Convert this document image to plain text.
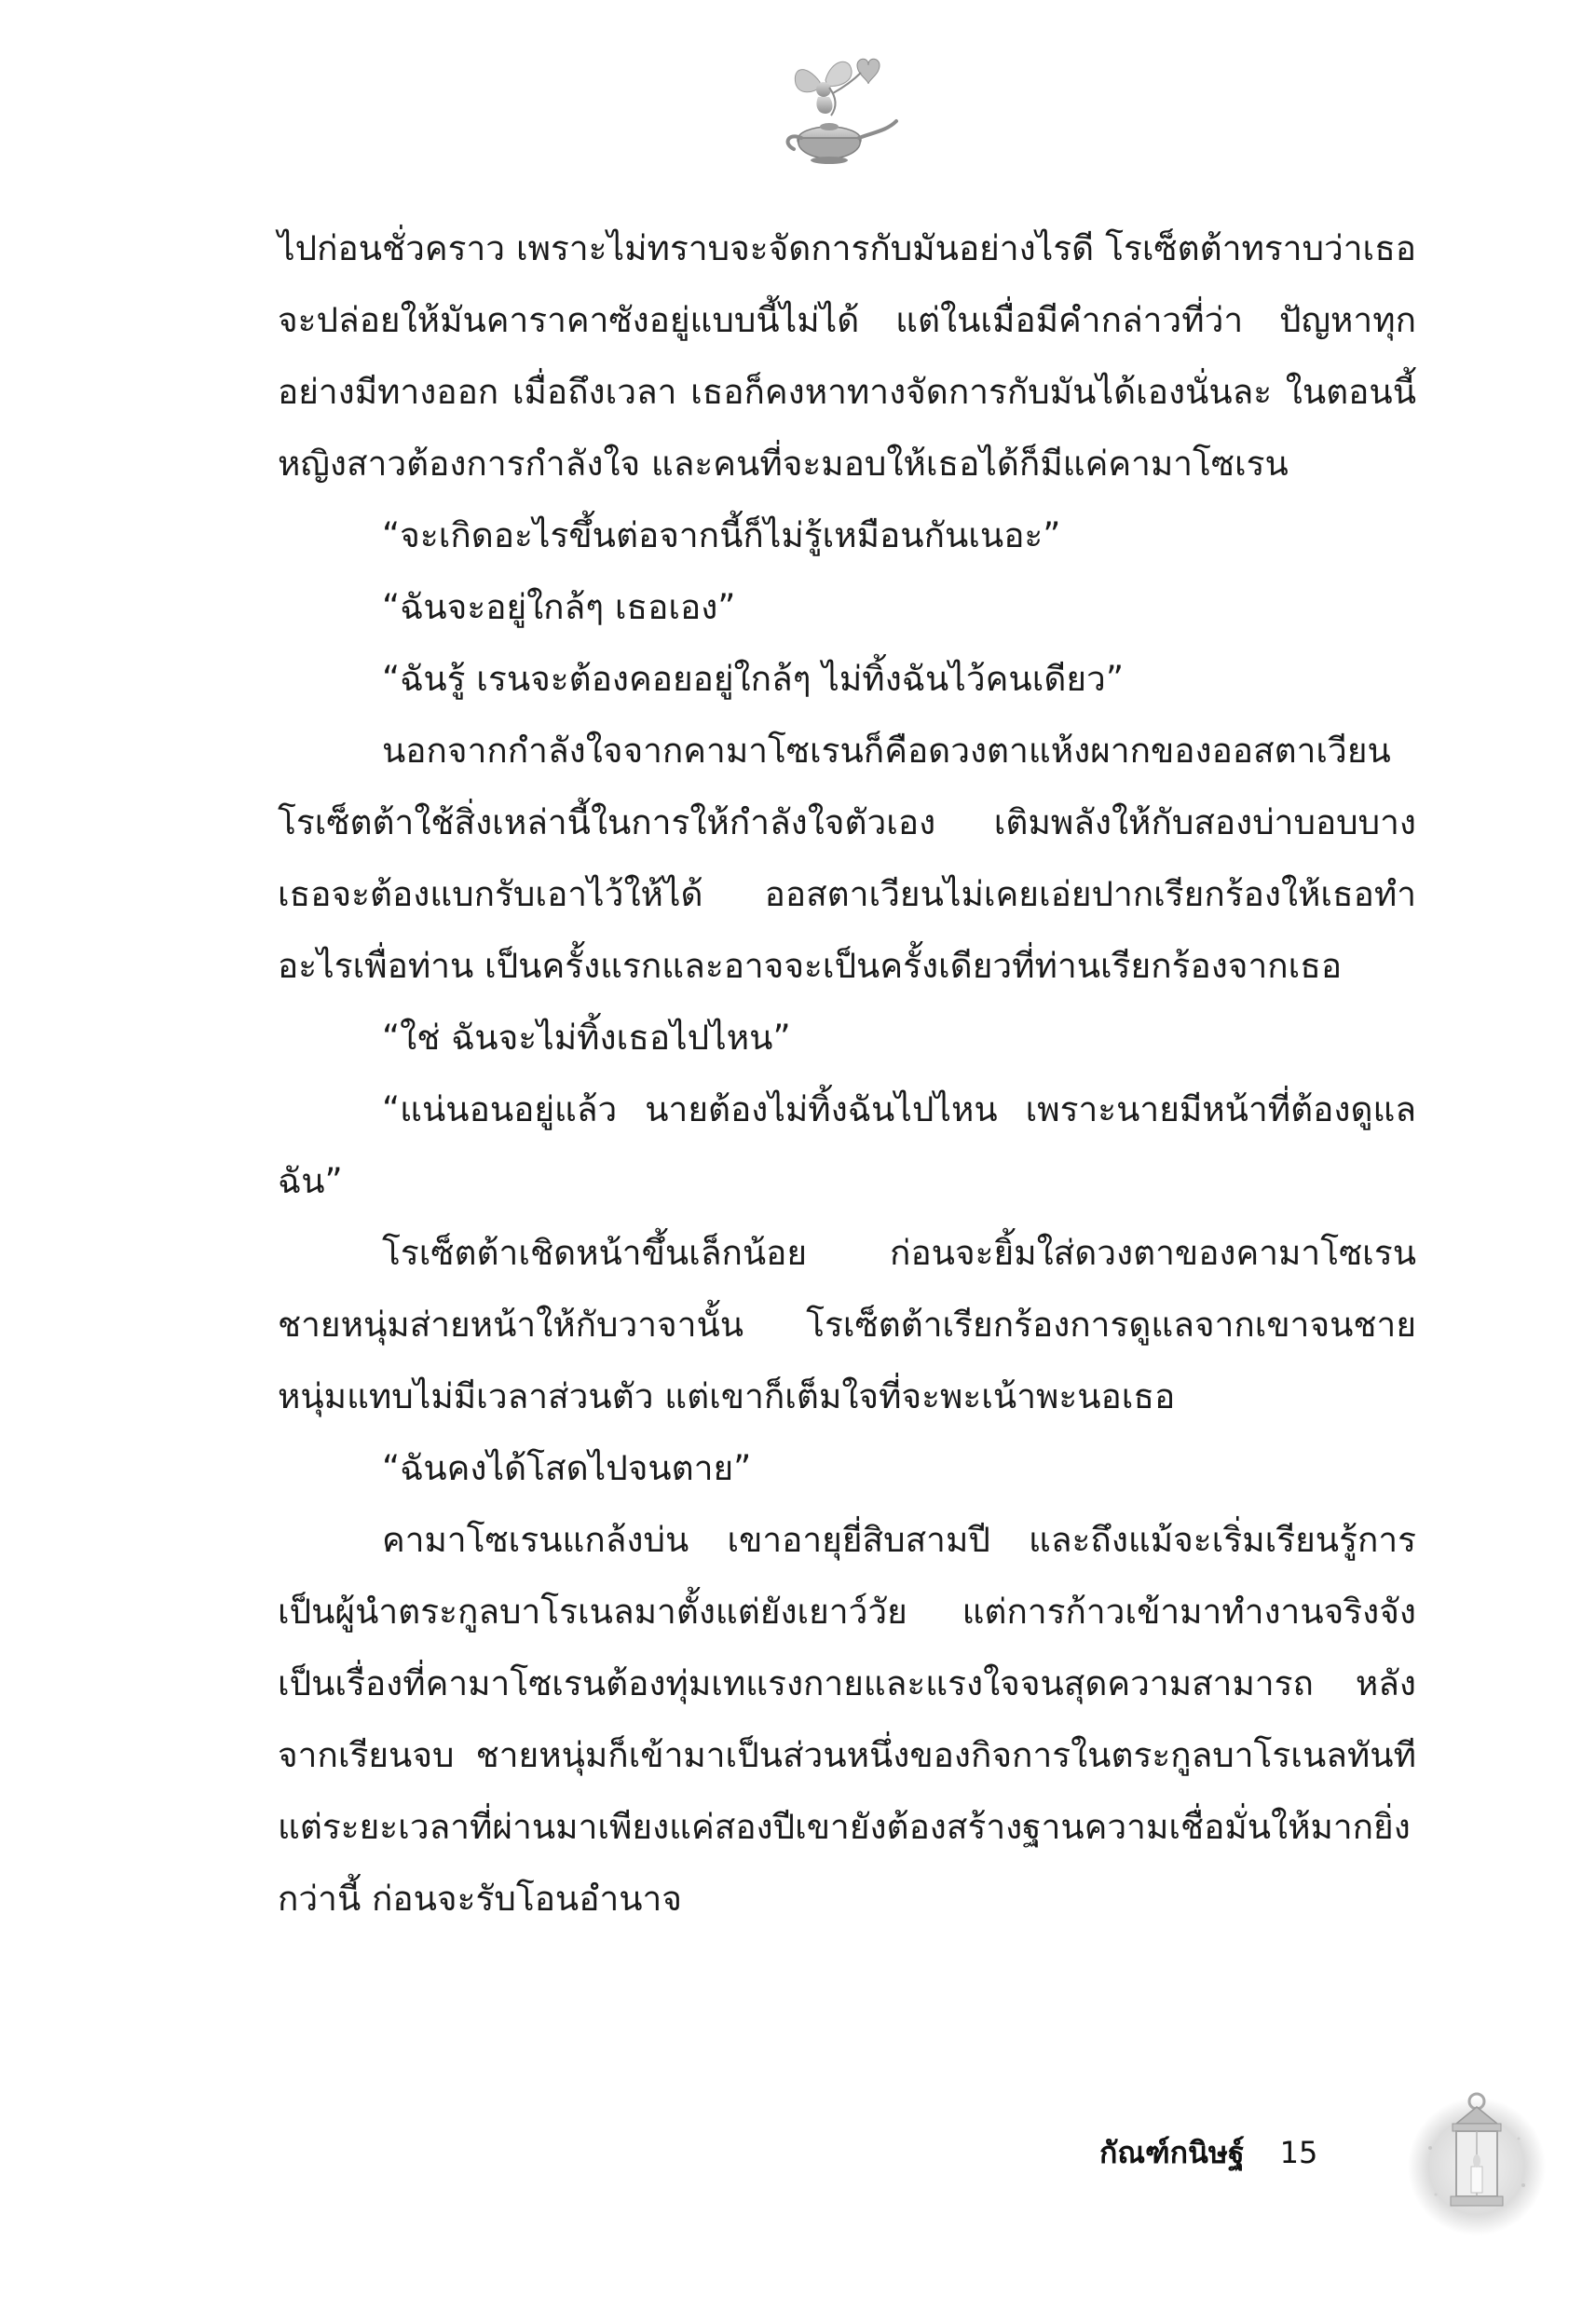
ไปก่อนชั่วคราว เพราะไม่ทราบจะจัดการกับมันอย่างไรดี โรเซ็ตต้าทราบว่าเธอจะปล่อยให้มันคาราคาซังอยู่แบบนี้ไม่ได้ แต่ในเมื่อมีคำกล่าวที่ว่า ปัญหาทุกอย่างมีทางออก เมื่อถึงเวลา เธอก็คงหาทางจัดการกับมันได้เองนั่นละ ในตอนนี้หญิงสาวต้องการกำลังใจ และคนที่จะมอบให้เธอได้ก็มีแค่คามาโซเรน

“จะเกิดอะไรขึ้นต่อจากนี้ก็ไม่รู้เหมือนกันเนอะ”

“ฉันจะอยู่ใกล้ๆ เธอเอง”

“ฉันรู้ เรนจะต้องคอยอยู่ใกล้ๆ ไม่ทิ้งฉันไว้คนเดียว”

นอกจากกำลังใจจากคามาโซเรนก็คือดวงตาแห้งผากของออสตาเวียน โรเซ็ตต้าใช้สิ่งเหล่านี้ในการให้กำลังใจตัวเอง เติมพลังให้กับสองบ่าบอบบาง เธอจะต้องแบกรับเอาไว้ให้ได้ ออสตาเวียนไม่เคยเอ่ยปากเรียกร้องให้เธอทำอะไรเพื่อท่าน เป็นครั้งแรกและอาจจะเป็นครั้งเดียวที่ท่านเรียกร้องจากเธอ

“ใช่ ฉันจะไม่ทิ้งเธอไปไหน”

“แน่นอนอยู่แล้ว นายต้องไม่ทิ้งฉันไปไหน เพราะนายมีหน้าที่ต้องดูแลฉัน”

โรเซ็ตต้าเชิดหน้าขึ้นเล็กน้อย ก่อนจะยิ้มใส่ดวงตาของคามาโซเรน ชายหนุ่มส่ายหน้าให้กับวาจานั้น โรเซ็ตต้าเรียกร้องการดูแลจากเขาจนชายหนุ่มแทบไม่มีเวลาส่วนตัว แต่เขาก็เต็มใจที่จะพะเน้าพะนอเธอ

“ฉันคงได้โสดไปจนตาย”

คามาโซเรนแกล้งบ่น เขาอายุยี่สิบสามปี และถึงแม้จะเริ่มเรียนรู้การเป็นผู้นำตระกูลบาโรเนลมาตั้งแต่ยังเยาว์วัย แต่การก้าวเข้ามาทำงานจริงจังเป็นเรื่องที่คามาโซเรนต้องทุ่มเทแรงกายและแรงใจจนสุดความสามารถ หลังจากเรียนจบ ชายหนุ่มก็เข้ามาเป็นส่วนหนึ่งของกิจการในตระกูลบาโรเนลทันที แต่ระยะเวลาที่ผ่านมาเพียงแค่สองปีเขายังต้องสร้างฐานความเชื่อมั่นให้มากยิ่งกว่านี้ ก่อนจะรับโอนอำนาจ

กัณฑ์กนิษฐ์ 15
